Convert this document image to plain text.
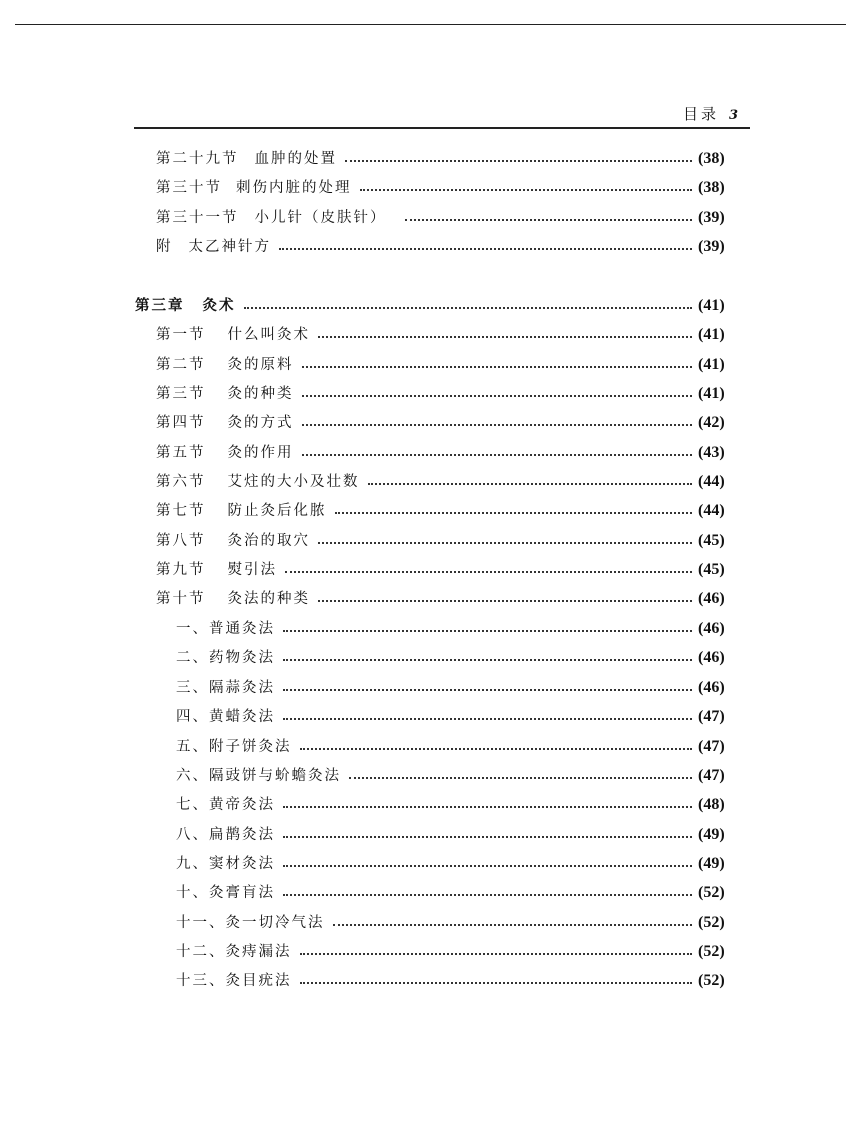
目录 3
第二十九节 血肿的处置	(38)
第三十节 刺伤内脏的处理	(38)
第三十一节 小儿针（皮肤针）	(39)
附 太乙神针方	(39)
第三章 灸术	(41)
第一节 什么叫灸术	(41)
第二节 灸的原料	(41)
第三节 灸的种类	(41)
第四节 灸的方式	(42)
第五节 灸的作用	(43)
第六节 艾炷的大小及壮数	(44)
第七节 防止灸后化脓	(44)
第八节 灸治的取穴	(45)
第九节 熨引法	(45)
第十节 灸法的种类	(46)
一、 普通灸法	(46)
二、 药物灸法	(46)
三、 隔蒜灸法	(46)
四、 黄蜡灸法	(47)
五、 附子饼灸法	(47)
六、 隔豉饼与蚧蟾灸法	(47)
七、 黄帝灸法	(48)
八、 扁鹊灸法	(49)
九、 窦材灸法	(49)
十、 灸膏肓法	(52)
十一、 灸一切冷气法	(52)
十二、 灸痔漏法	(52)
十三、 灸目疣法	(52)
